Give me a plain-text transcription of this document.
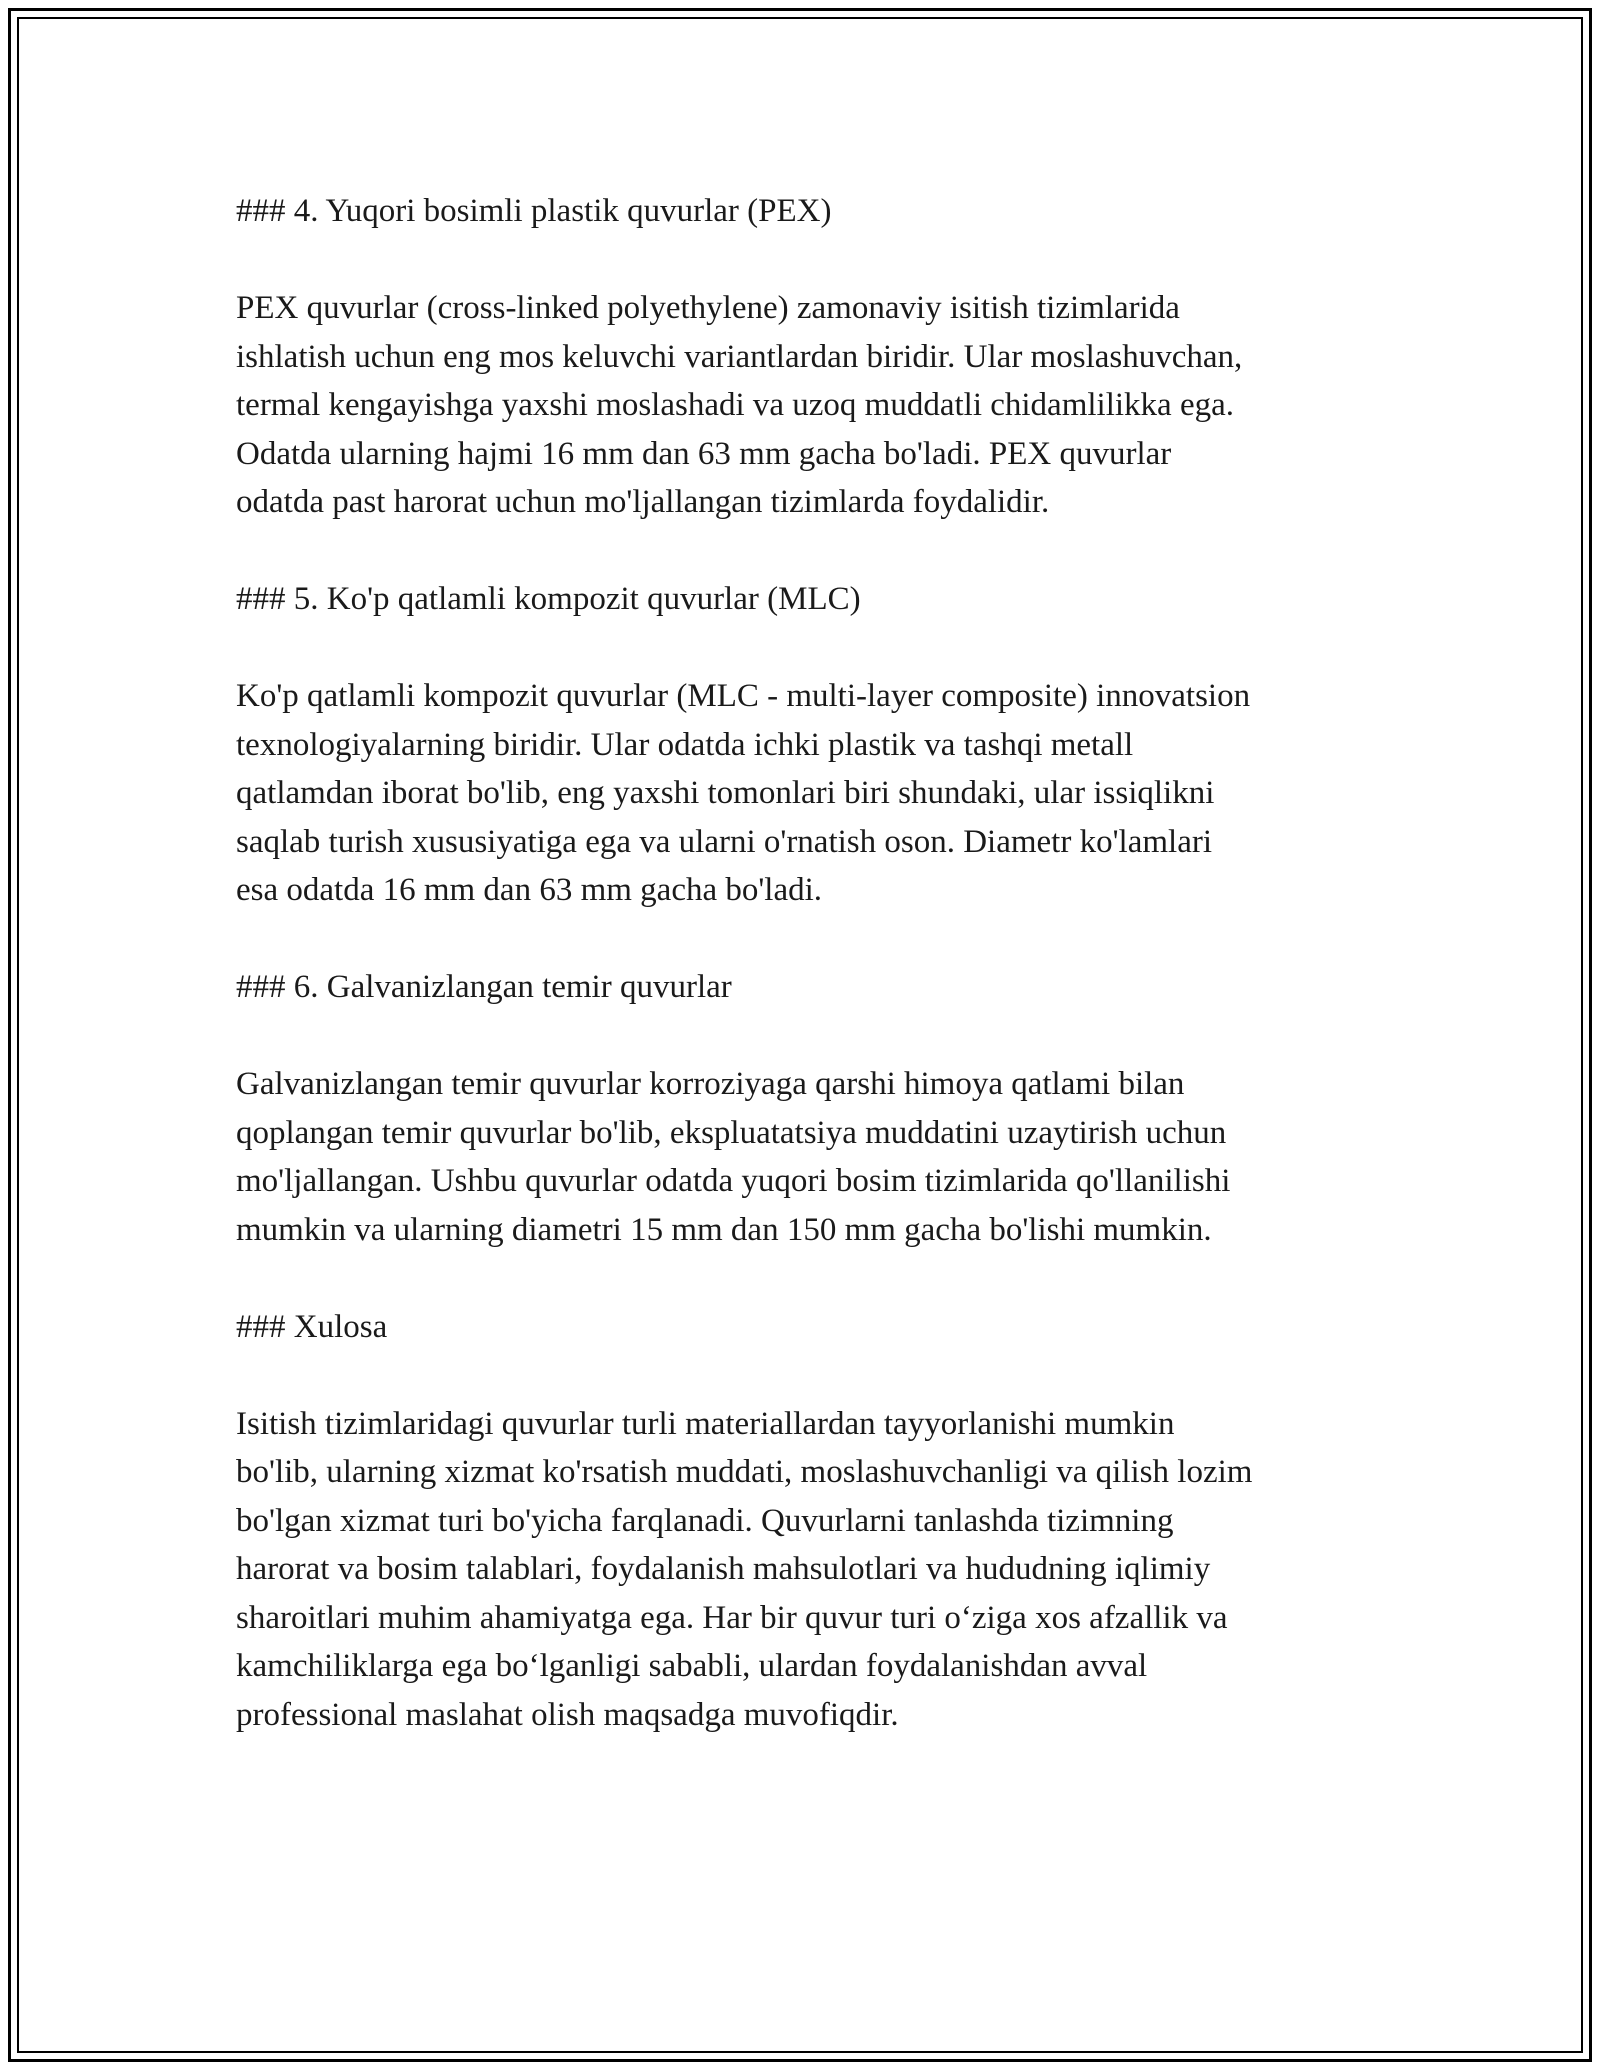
### 4. Yuqori bosimli plastik quvurlar (PEX)

PEX quvurlar (cross-linked polyethylene) zamonaviy isitish tizimlarida
ishlatish uchun eng mos keluvchi variantlardan biridir. Ular moslashuvchan,
termal kengayishga yaxshi moslashadi va uzoq muddatli chidamlilikka ega.
Odatda ularning hajmi 16 mm dan 63 mm gacha bo'ladi. PEX quvurlar
odatda past harorat uchun mo'ljallangan tizimlarda foydalidir.

### 5. Ko'p qatlamli kompozit quvurlar (MLC)

Ko'p qatlamli kompozit quvurlar (MLC - multi-layer composite) innovatsion
texnologiyalarning biridir. Ular odatda ichki plastik va tashqi metall
qatlamdan iborat bo'lib, eng yaxshi tomonlari biri shundaki, ular issiqlikni
saqlab turish xususiyatiga ega va ularni o'rnatish oson. Diametr ko'lamlari
esa odatda 16 mm dan 63 mm gacha bo'ladi.

### 6. Galvanizlangan temir quvurlar

Galvanizlangan temir quvurlar korroziyaga qarshi himoya qatlami bilan
qoplangan temir quvurlar bo'lib, ekspluatatsiya muddatini uzaytirish uchun
mo'ljallangan. Ushbu quvurlar odatda yuqori bosim tizimlarida qo'llanilishi
mumkin va ularning diametri 15 mm dan 150 mm gacha bo'lishi mumkin.

### Xulosa

Isitish tizimlaridagi quvurlar turli materiallardan tayyorlanishi mumkin
bo'lib, ularning xizmat ko'rsatish muddati, moslashuvchanligi va qilish lozim
bo'lgan xizmat turi bo'yicha farqlanadi. Quvurlarni tanlashda tizimning
harorat va bosim talablari, foydalanish mahsulotlari va hududning iqlimiy
sharoitlari muhim ahamiyatga ega. Har bir quvur turi o‘ziga xos afzallik va
kamchiliklarga ega bo‘lganligi sababli, ulardan foydalanishdan avval
professional maslahat olish maqsadga muvofiqdir.
